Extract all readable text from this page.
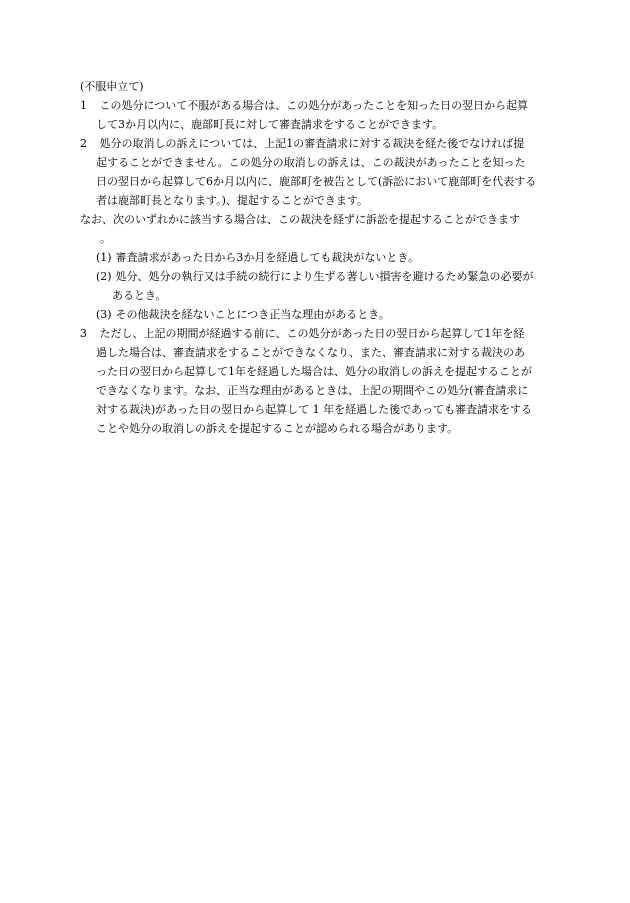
(不服申立て)
1 この処分について不服がある場合は、この処分があったことを知った日の翌日から起算
して3か月以内に、鹿部町長に対して審査請求をすることができます。
2 処分の取消しの訴えについては、上記1の審査請求に対する裁決を経た後でなければ提
起することができません。この処分の取消しの訴えは、この裁決があったことを知った
日の翌日から起算して6か月以内に、鹿部町を被告として(訴訟において鹿部町を代表する
者は鹿部町長となります。)、提起することができます。
なお、次のいずれかに該当する場合は、この裁決を経ずに訴訟を提起することができます
。
(1) 審査請求があった日から3か月を経過しても裁決がないとき。
(2) 処分、処分の執行又は手続の続行により生ずる著しい損害を避けるため緊急の必要が
あるとき。
(3) その他裁決を経ないことにつき正当な理由があるとき。
3 ただし、上記の期間が経過する前に、この処分があった日の翌日から起算して1年を経
過した場合は、審査請求をすることができなくなり、また、審査請求に対する裁決のあ
った日の翌日から起算して1年を経過した場合は、処分の取消しの訴えを提起することが
できなくなります。なお、正当な理由があるときは、上記の期間やこの処分(審査請求に
対する裁決)があった日の翌日から起算して 1 年を経過した後であっても審査請求をする
ことや処分の取消しの訴えを提起することが認められる場合があります。
